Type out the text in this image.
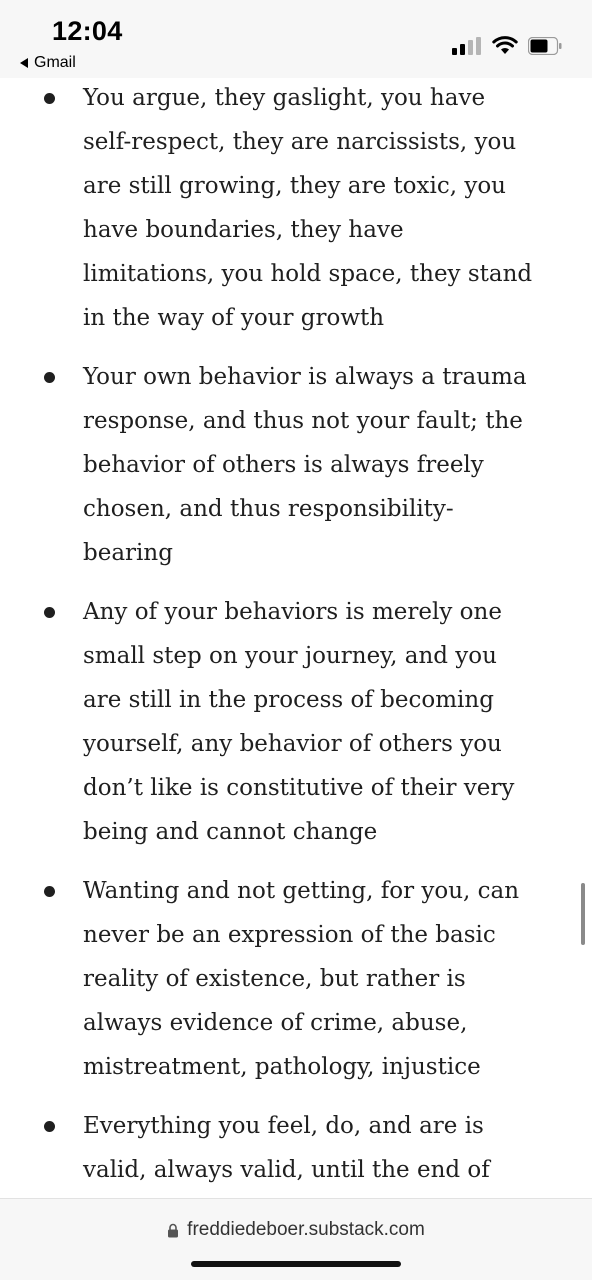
12:04
Gmail
You argue, they gaslight, you have
self-respect, they are narcissists, you
are still growing, they are toxic, you
have boundaries, they have
limitations, you hold space, they stand
in the way of your growth
Your own behavior is always a trauma
response, and thus not your fault; the
behavior of others is always freely
chosen, and thus responsibility-
bearing
Any of your behaviors is merely one
small step on your journey, and you
are still in the process of becoming
yourself, any behavior of others you
don’t like is constitutive of their very
being and cannot change
Wanting and not getting, for you, can
never be an expression of the basic
reality of existence, but rather is
always evidence of crime, abuse,
mistreatment, pathology, injustice
Everything you feel, do, and are is
valid, always valid, until the end of
freddiedeboer.substack.com
